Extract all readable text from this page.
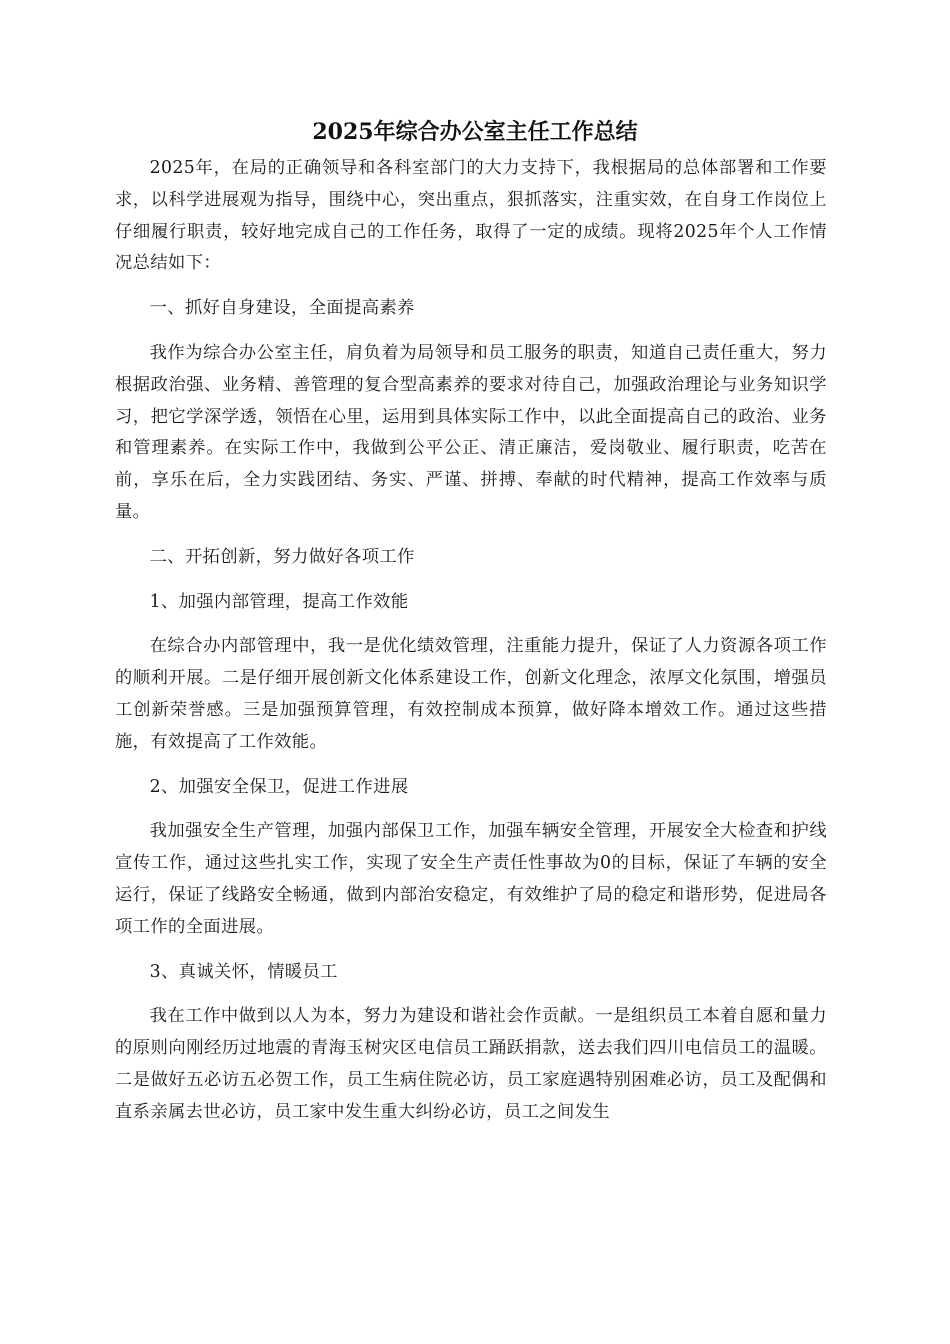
2025年综合办公室主任工作总结

2025年，在局的正确领导和各科室部门的大力支持下，我根据局的总体部署和工作要求，以科学进展观为指导，围绕中心，突出重点，狠抓落实，注重实效，在自身工作岗位上仔细履行职责，较好地完成自己的工作任务，取得了一定的成绩。现将2025年个人工作情况总结如下：

一、抓好自身建设，全面提高素养

我作为综合办公室主任，肩负着为局领导和员工服务的职责，知道自己责任重大，努力根据政治强、业务精、善管理的复合型高素养的要求对待自己，加强政治理论与业务知识学习，把它学深学透，领悟在心里，运用到具体实际工作中，以此全面提高自己的政治、业务和管理素养。在实际工作中，我做到公平公正、清正廉洁，爱岗敬业、履行职责，吃苦在前，享乐在后，全力实践团结、务实、严谨、拼搏、奉献的时代精神，提高工作效率与质量。

二、开拓创新，努力做好各项工作

1、加强内部管理，提高工作效能

在综合办内部管理中，我一是优化绩效管理，注重能力提升，保证了人力资源各项工作的顺利开展。二是仔细开展创新文化体系建设工作，创新文化理念，浓厚文化氛围，增强员工创新荣誉感。三是加强预算管理，有效控制成本预算，做好降本增效工作。通过这些措施，有效提高了工作效能。

2、加强安全保卫，促进工作进展

我加强安全生产管理，加强内部保卫工作，加强车辆安全管理，开展安全大检查和护线宣传工作，通过这些扎实工作，实现了安全生产责任性事故为0的目标，保证了车辆的安全运行，保证了线路安全畅通，做到内部治安稳定，有效维护了局的稳定和谐形势，促进局各项工作的全面进展。

3、真诚关怀，情暖员工

我在工作中做到以人为本，努力为建设和谐社会作贡献。一是组织员工本着自愿和量力的原则向刚经历过地震的青海玉树灾区电信员工踊跃捐款，送去我们四川电信员工的温暖。二是做好五必访五必贺工作，员工生病住院必访，员工家庭遇特别困难必访，员工及配偶和直系亲属去世必访，员工家中发生重大纠纷必访，员工之间发生
